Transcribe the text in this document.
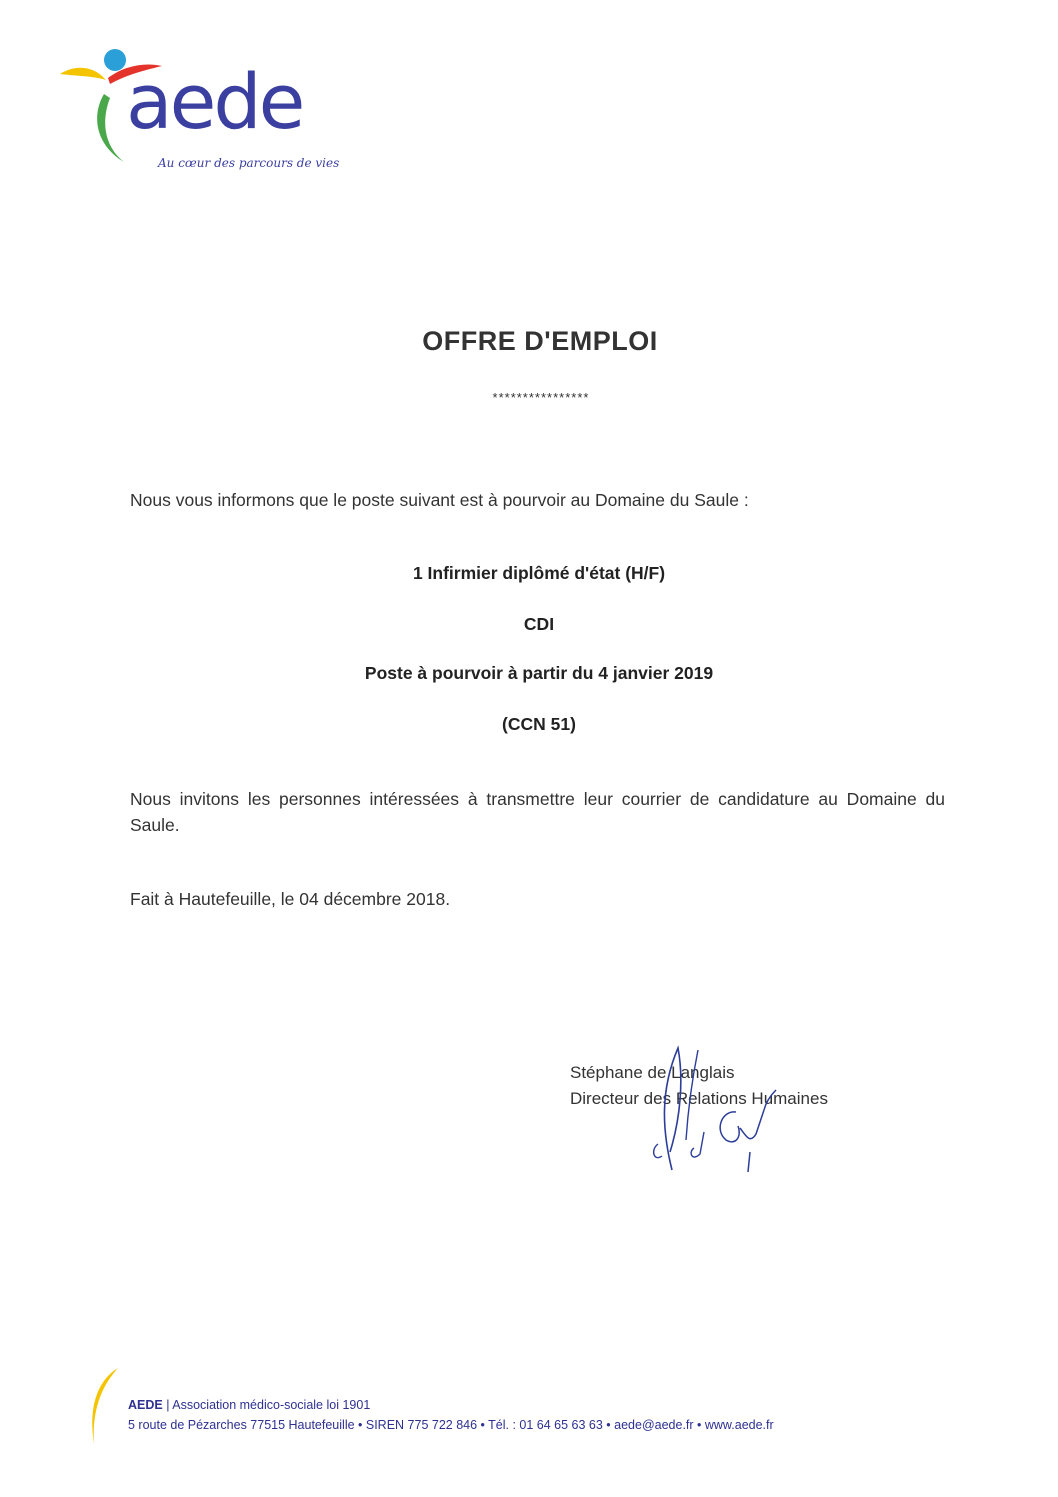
aede
Au cœur des parcours de vies
OFFRE D'EMPLOI
****************
Nous vous informons que le poste suivant est à pourvoir au Domaine du Saule :
1 Infirmier diplômé d'état (H/F)
CDI
Poste à pourvoir à partir du 4 janvier 2019
(CCN 51)
Nous invitons les personnes intéressées à transmettre leur courrier de candidature au Domaine du Saule.
Fait à Hautefeuille, le 04 décembre 2018.
Stéphane de Langlais
Directeur des Relations Humaines
AEDE | Association médico-sociale loi 1901
5 route de Pézarches 77515 Hautefeuille • SIREN 775 722 846 • Tél. : 01 64 65 63 63 • aede@aede.fr • www.aede.fr
